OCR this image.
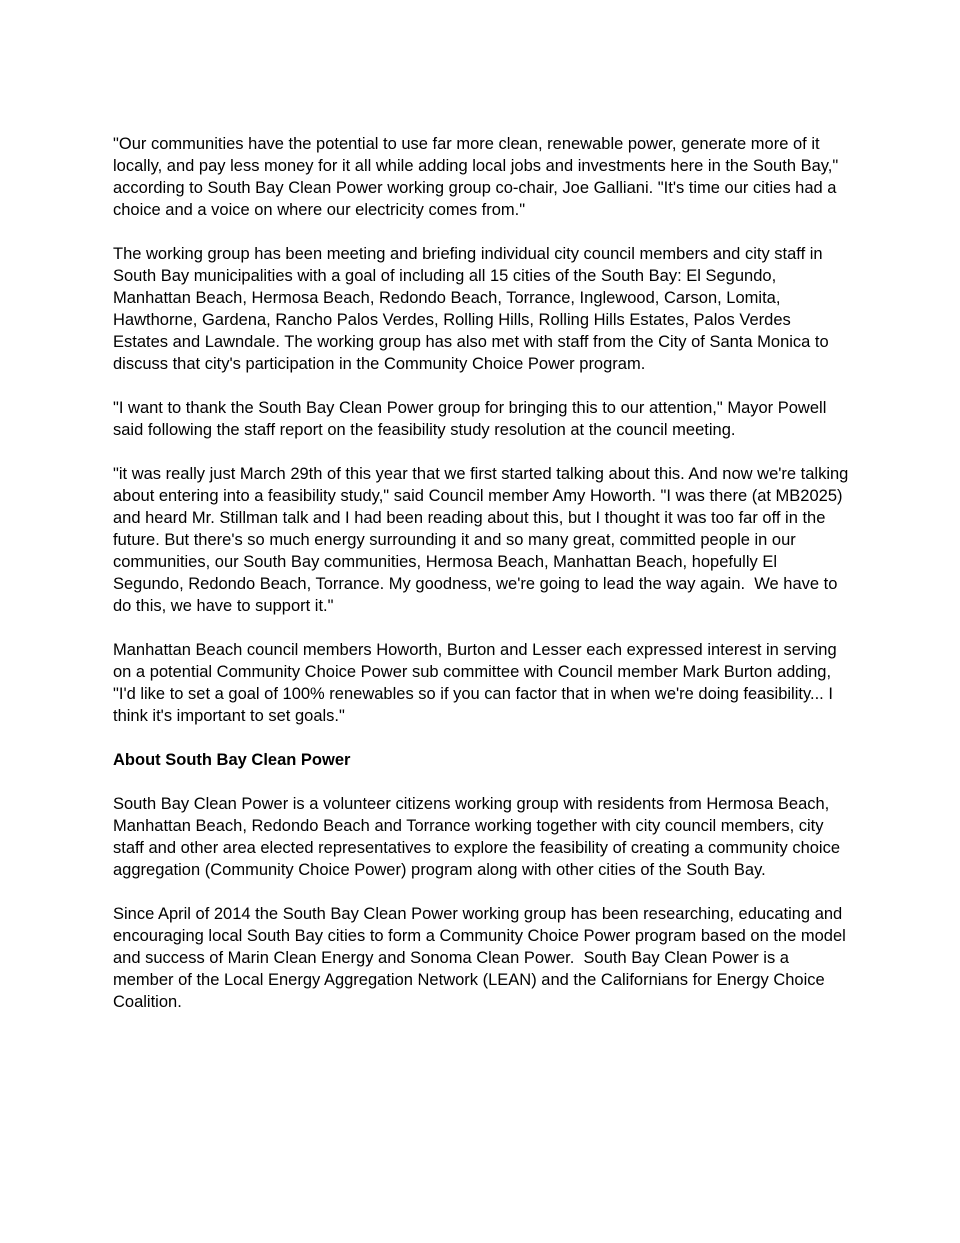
"Our communities have the potential to use far more clean, renewable power, generate more of it locally, and pay less money for it all while adding local jobs and investments here in the South Bay," according to South Bay Clean Power working group co-chair, Joe Galliani. "It's time our cities had a choice and a voice on where our electricity comes from."

The working group has been meeting and briefing individual city council members and city staff in South Bay municipalities with a goal of including all 15 cities of the South Bay: El Segundo, Manhattan Beach, Hermosa Beach, Redondo Beach, Torrance, Inglewood, Carson, Lomita, Hawthorne, Gardena, Rancho Palos Verdes, Rolling Hills, Rolling Hills Estates, Palos Verdes Estates and Lawndale. The working group has also met with staff from the City of Santa Monica to discuss that city's participation in the Community Choice Power program.

"I want to thank the South Bay Clean Power group for bringing this to our attention," Mayor Powell said following the staff report on the feasibility study resolution at the council meeting.

"it was really just March 29th of this year that we first started talking about this. And now we're talking about entering into a feasibility study," said Council member Amy Howorth. "I was there (at MB2025) and heard Mr. Stillman talk and I had been reading about this, but I thought it was too far off in the future. But there's so much energy surrounding it and so many great, committed people in our communities, our South Bay communities, Hermosa Beach, Manhattan Beach, hopefully El Segundo, Redondo Beach, Torrance. My goodness, we're going to lead the way again.  We have to do this, we have to support it."

Manhattan Beach council members Howorth, Burton and Lesser each expressed interest in serving on a potential Community Choice Power sub committee with Council member Mark Burton adding, "I'd like to set a goal of 100% renewables so if you can factor that in when we're doing feasibility... I think it's important to set goals."

About South Bay Clean Power

South Bay Clean Power is a volunteer citizens working group with residents from Hermosa Beach, Manhattan Beach, Redondo Beach and Torrance working together with city council members, city staff and other area elected representatives to explore the feasibility of creating a community choice aggregation (Community Choice Power) program along with other cities of the South Bay.

Since April of 2014 the South Bay Clean Power working group has been researching, educating and encouraging local South Bay cities to form a Community Choice Power program based on the model and success of Marin Clean Energy and Sonoma Clean Power.  South Bay Clean Power is a member of the Local Energy Aggregation Network (LEAN) and the Californians for Energy Choice Coalition.
